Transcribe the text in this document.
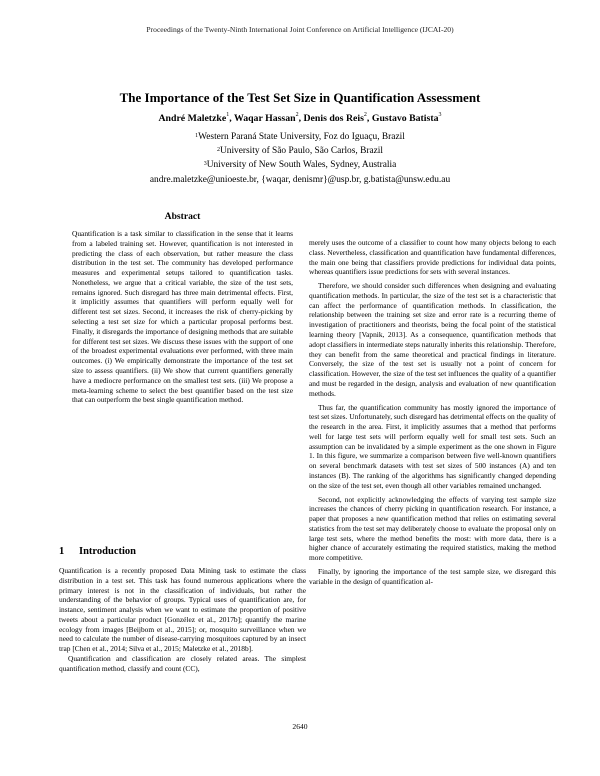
Proceedings of the Twenty-Ninth International Joint Conference on Artificial Intelligence (IJCAI-20)
The Importance of the Test Set Size in Quantification Assessment
André Maletzke$^1$, Waqar Hassan$^2$, Denis dos Reis$^2$, Gustavo Batista$^3$
$^1$Western Paraná State University, Foz do Iguaçu, Brazil
$^2$University of São Paulo, São Carlos, Brazil
$^3$University of New South Wales, Sydney, Australia
andre.maletzke@unioeste.br, {waqar, denismr}@usp.br, g.batista@unsw.edu.au
Abstract

Quantification is a task similar to classification in the sense that it learns from a labeled training set. However, quantification is not interested in predicting the class of each observation, but rather measure the class distribution in the test set. The community has developed performance measures and experimental setups tailored to quantification tasks. Nonetheless, we argue that a critical variable, the size of the test sets, remains ignored. Such disregard has three main detrimental effects. First, it implicitly assumes that quantifiers will perform equally well for different test set sizes. Second, it increases the risk of cherry-picking by selecting a test set size for which a particular proposal performs best. Finally, it disregards the importance of designing methods that are suitable for different test set sizes. We discuss these issues with the support of one of the broadest experimental evaluations ever performed, with three main outcomes. (i) We empirically demonstrate the importance of the test set size to assess quantifiers. (ii) We show that current quantifiers generally have a mediocre performance on the smallest test sets. (iii) We propose a meta-learning scheme to select the best quantifier based on the test size that can outperform the best single quantification method.

1 Introduction

Quantification is a recently proposed Data Mining task to estimate the class distribution in a test set. This task has found numerous applications where the primary interest is not in the classification of individuals, but rather the understanding of the behavior of groups. Typical uses of quantification are, for instance, sentiment analysis when we want to estimate the proportion of positive tweets about a particular product [Gonzélez et al., 2017b]; quantify the marine ecology from images [Beijbom et al., 2015]; or, mosquito surveillance when we need to calculate the number of disease-carrying mosquitoes captured by an insect trap [Chen et al., 2014; Silva et al., 2015; Maletzke et al., 2018b].

Quantification and classification are closely related areas. The simplest quantification method, classify and count (CC),

merely uses the outcome of a classifier to count how many objects belong to each class. Nevertheless, classification and quantification have fundamental differences, the main one being that classifiers provide predictions for individual data points, whereas quantifiers issue predictions for sets with several instances.

Therefore, we should consider such differences when designing and evaluating quantification methods. In particular, the size of the test set is a characteristic that can affect the performance of quantification methods. In classification, the relationship between the training set size and error rate is a recurring theme of investigation of practitioners and theorists, being the focal point of the statistical learning theory [Vapnik, 2013]. As a consequence, quantification methods that adopt classifiers in intermediate steps naturally inherits this relationship. Therefore, they can benefit from the same theoretical and practical findings in literature. Conversely, the size of the test set is usually not a point of concern for classification. However, the size of the test set influences the quality of a quantifier and must be regarded in the design, analysis and evaluation of new quantification methods.

Thus far, the quantification community has mostly ignored the importance of test set sizes. Unfortunately, such disregard has detrimental effects on the quality of the research in the area. First, it implicitly assumes that a method that performs well for large test sets will perform equally well for small test sets. Such an assumption can be invalidated by a simple experiment as the one shown in Figure 1. In this figure, we summarize a comparison between five well-known quantifiers on several benchmark datasets with test set sizes of 500 instances (A) and ten instances (B). The ranking of the algorithms has significantly changed depending on the size of the test set, even though all other variables remained unchanged.

Second, not explicitly acknowledging the effects of varying test sample size increases the chances of cherry picking in quantification research. For instance, a paper that proposes a new quantification method that relies on estimating several statistics from the test set may deliberately choose to evaluate the proposal only on large test sets, where the method benefits the most: with more data, there is a higher chance of accurately estimating the required statistics, making the method more competitive.

Finally, by ignoring the importance of the test sample size, we disregard this variable in the design of quantification al-

2640
